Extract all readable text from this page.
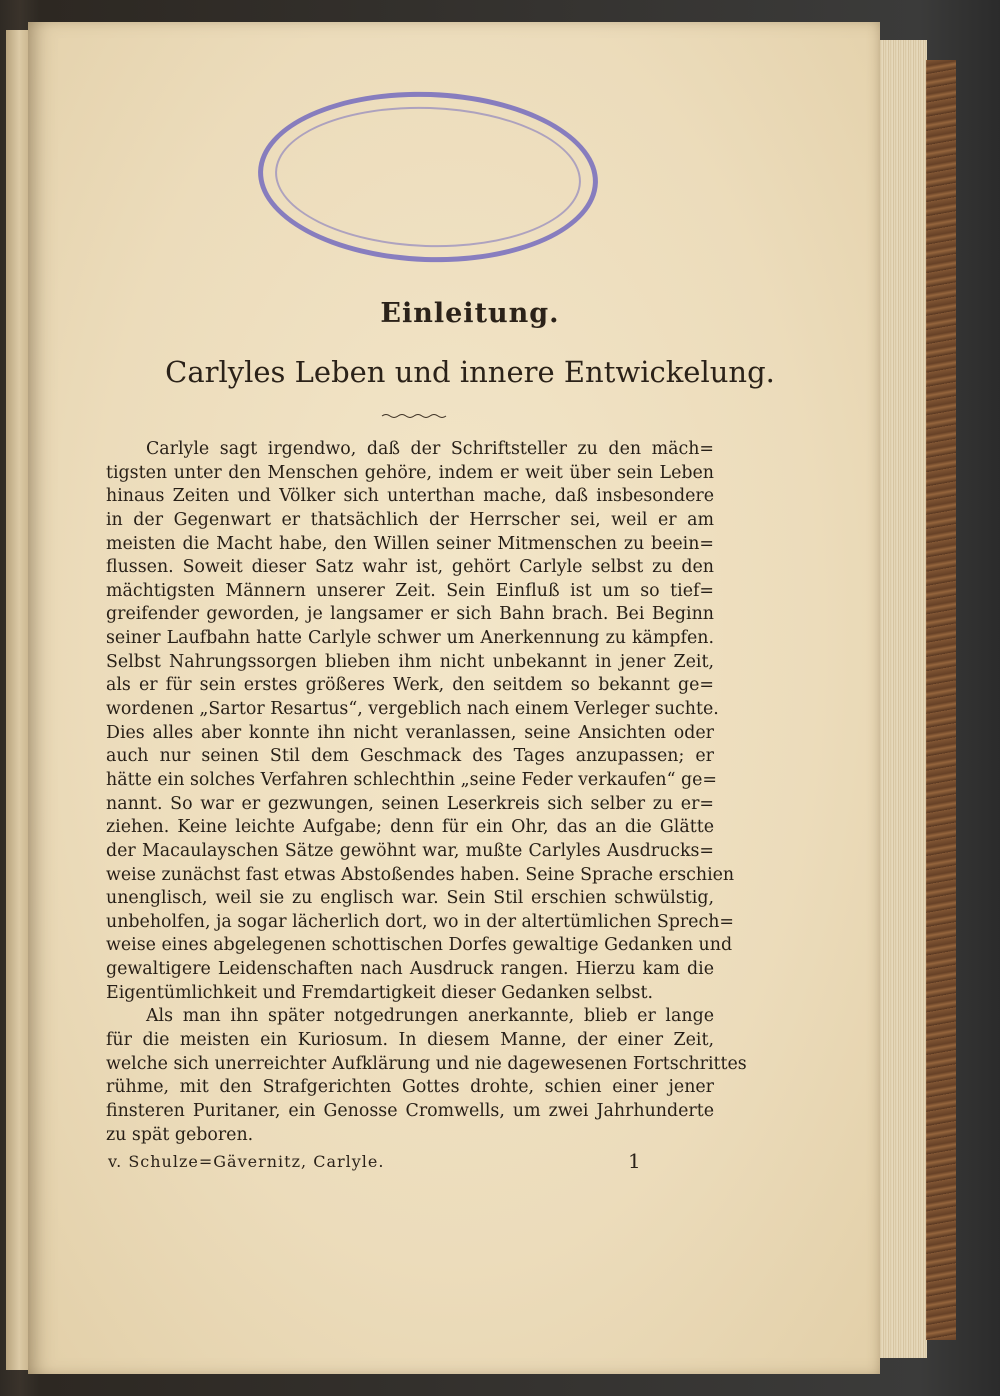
Einleitung.
Carlyles Leben und innere Entwickelung.
Carlyle sagt irgendwo, daß der Schriftsteller zu den mäch=
tigsten unter den Menschen gehöre, indem er weit über sein Leben
hinaus Zeiten und Völker sich unterthan mache, daß insbesondere
in der Gegenwart er thatsächlich der Herrscher sei, weil er am
meisten die Macht habe, den Willen seiner Mitmenschen zu beein=
flussen. Soweit dieser Satz wahr ist, gehört Carlyle selbst zu den
mächtigsten Männern unserer Zeit. Sein Einfluß ist um so tief=
greifender geworden, je langsamer er sich Bahn brach. Bei Beginn
seiner Laufbahn hatte Carlyle schwer um Anerkennung zu kämpfen.
Selbst Nahrungssorgen blieben ihm nicht unbekannt in jener Zeit,
als er für sein erstes größeres Werk, den seitdem so bekannt ge=
wordenen „Sartor Resartus“, vergeblich nach einem Verleger suchte.
Dies alles aber konnte ihn nicht veranlassen, seine Ansichten oder
auch nur seinen Stil dem Geschmack des Tages anzupassen; er
hätte ein solches Verfahren schlechthin „seine Feder verkaufen“ ge=
nannt. So war er gezwungen, seinen Leserkreis sich selber zu er=
ziehen. Keine leichte Aufgabe; denn für ein Ohr, das an die Glätte
der Macaulayschen Sätze gewöhnt war, mußte Carlyles Ausdrucks=
weise zunächst fast etwas Abstoßendes haben. Seine Sprache erschien
unenglisch, weil sie zu englisch war. Sein Stil erschien schwülstig,
unbeholfen, ja sogar lächerlich dort, wo in der altertümlichen Sprech=
weise eines abgelegenen schottischen Dorfes gewaltige Gedanken und
gewaltigere Leidenschaften nach Ausdruck rangen. Hierzu kam die
Eigentümlichkeit und Fremdartigkeit dieser Gedanken selbst.
Als man ihn später notgedrungen anerkannte, blieb er lange
für die meisten ein Kuriosum. In diesem Manne, der einer Zeit,
welche sich unerreichter Aufklärung und nie dagewesenen Fortschrittes
rühme, mit den Strafgerichten Gottes drohte, schien einer jener
finsteren Puritaner, ein Genosse Cromwells, um zwei Jahrhunderte
zu spät geboren.
v. Schulze=Gävernitz, Carlyle.	1
